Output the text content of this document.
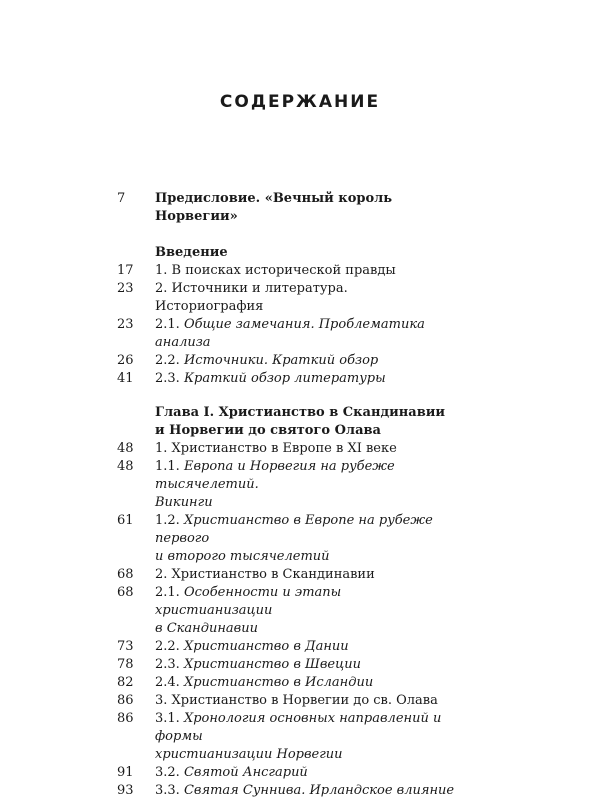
СОДЕРЖАНИЕ
7	Предисловие. «Вечный король Норвегии»
Введение
17	1. В поисках исторической правды
23	2. Источники и литература. Историография
23	2.1. Общие замечания. Проблематика анализа
26	2.2. Источники. Краткий обзор
41	2.3. Краткий обзор литературы
Глава I. Христианство в Скандинавии
и Норвегии до святого Олава
48	1. Христианство в Европе в XI веке
48	1.1. Европа и Норвегия на рубеже тысячелетий.
Викинги
61	1.2. Христианство в Европе на рубеже первого
и второго тысячелетий
68	2. Христианство в Скандинавии
68	2.1. Особенности и этапы христианизации
в Скандинавии
73	2.2. Христианство в Дании
78	2.3. Христианство в Швеции
82	2.4. Христианство в Исландии
86	3. Христианство в Норвегии до св. Олава
86	3.1. Хронология основных направлений и формы
христианизации Норвегии
91	3.2. Святой Ансгарий
93	3.3. Святая Суннива. Ирландское влияние
